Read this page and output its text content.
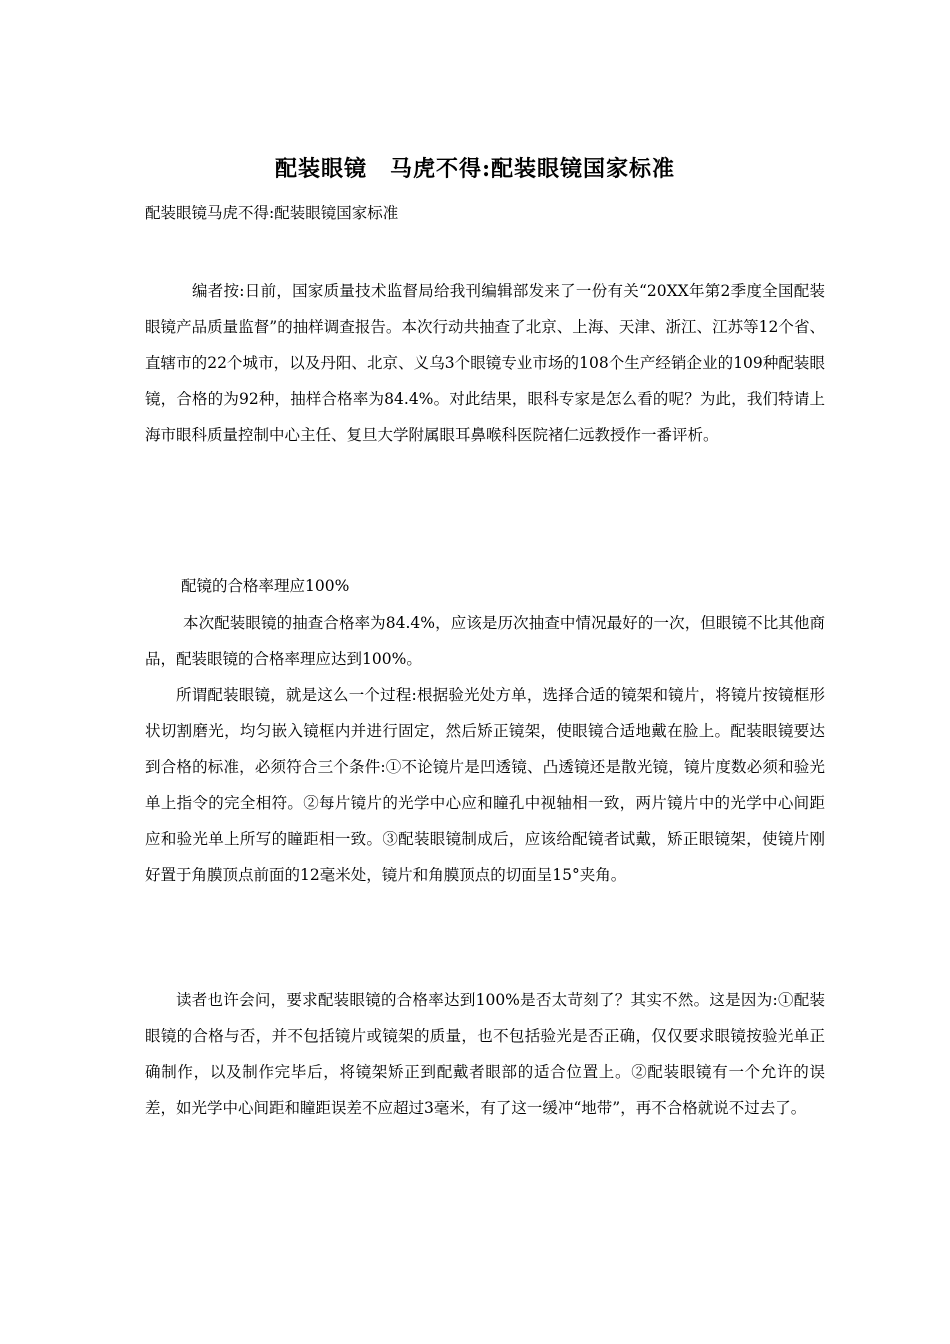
配装眼镜　马虎不得:配装眼镜国家标准
配装眼镜马虎不得:配装眼镜国家标准
编者按:日前，国家质量技术监督局给我刊编辑部发来了一份有关“20XX年第2季度全国配装眼镜产品质量监督”的抽样调查报告。本次行动共抽查了北京、上海、天津、浙江、江苏等12个省、直辖市的22个城市，以及丹阳、北京、义乌3个眼镜专业市场的108个生产经销企业的109种配装眼镜，合格的为92种，抽样合格率为84.4%。对此结果，眼科专家是怎么看的呢？为此，我们特请上海市眼科质量控制中心主任、复旦大学附属眼耳鼻喉科医院褚仁远教授作一番评析。
配镜的合格率理应100%
本次配装眼镜的抽查合格率为84.4%，应该是历次抽查中情况最好的一次，但眼镜不比其他商品，配装眼镜的合格率理应达到100%。
所谓配装眼镜，就是这么一个过程:根据验光处方单，选择合适的镜架和镜片，将镜片按镜框形状切割磨光，均匀嵌入镜框内并进行固定，然后矫正镜架，使眼镜合适地戴在脸上。配装眼镜要达到合格的标准，必须符合三个条件:①不论镜片是凹透镜、凸透镜还是散光镜，镜片度数必须和验光单上指令的完全相符。②每片镜片的光学中心应和瞳孔中视轴相一致，两片镜片中的光学中心间距应和验光单上所写的瞳距相一致。③配装眼镜制成后，应该给配镜者试戴，矫正眼镜架，使镜片刚好置于角膜顶点前面的12毫米处，镜片和角膜顶点的切面呈15°夹角。
读者也许会问，要求配装眼镜的合格率达到100%是否太苛刻了？其实不然。这是因为:①配装眼镜的合格与否，并不包括镜片或镜架的质量，也不包括验光是否正确，仅仅要求眼镜按验光单正确制作，以及制作完毕后，将镜架矫正到配戴者眼部的适合位置上。②配装眼镜有一个允许的误差，如光学中心间距和瞳距误差不应超过3毫米，有了这一缓冲“地带”，再不合格就说不过去了。
